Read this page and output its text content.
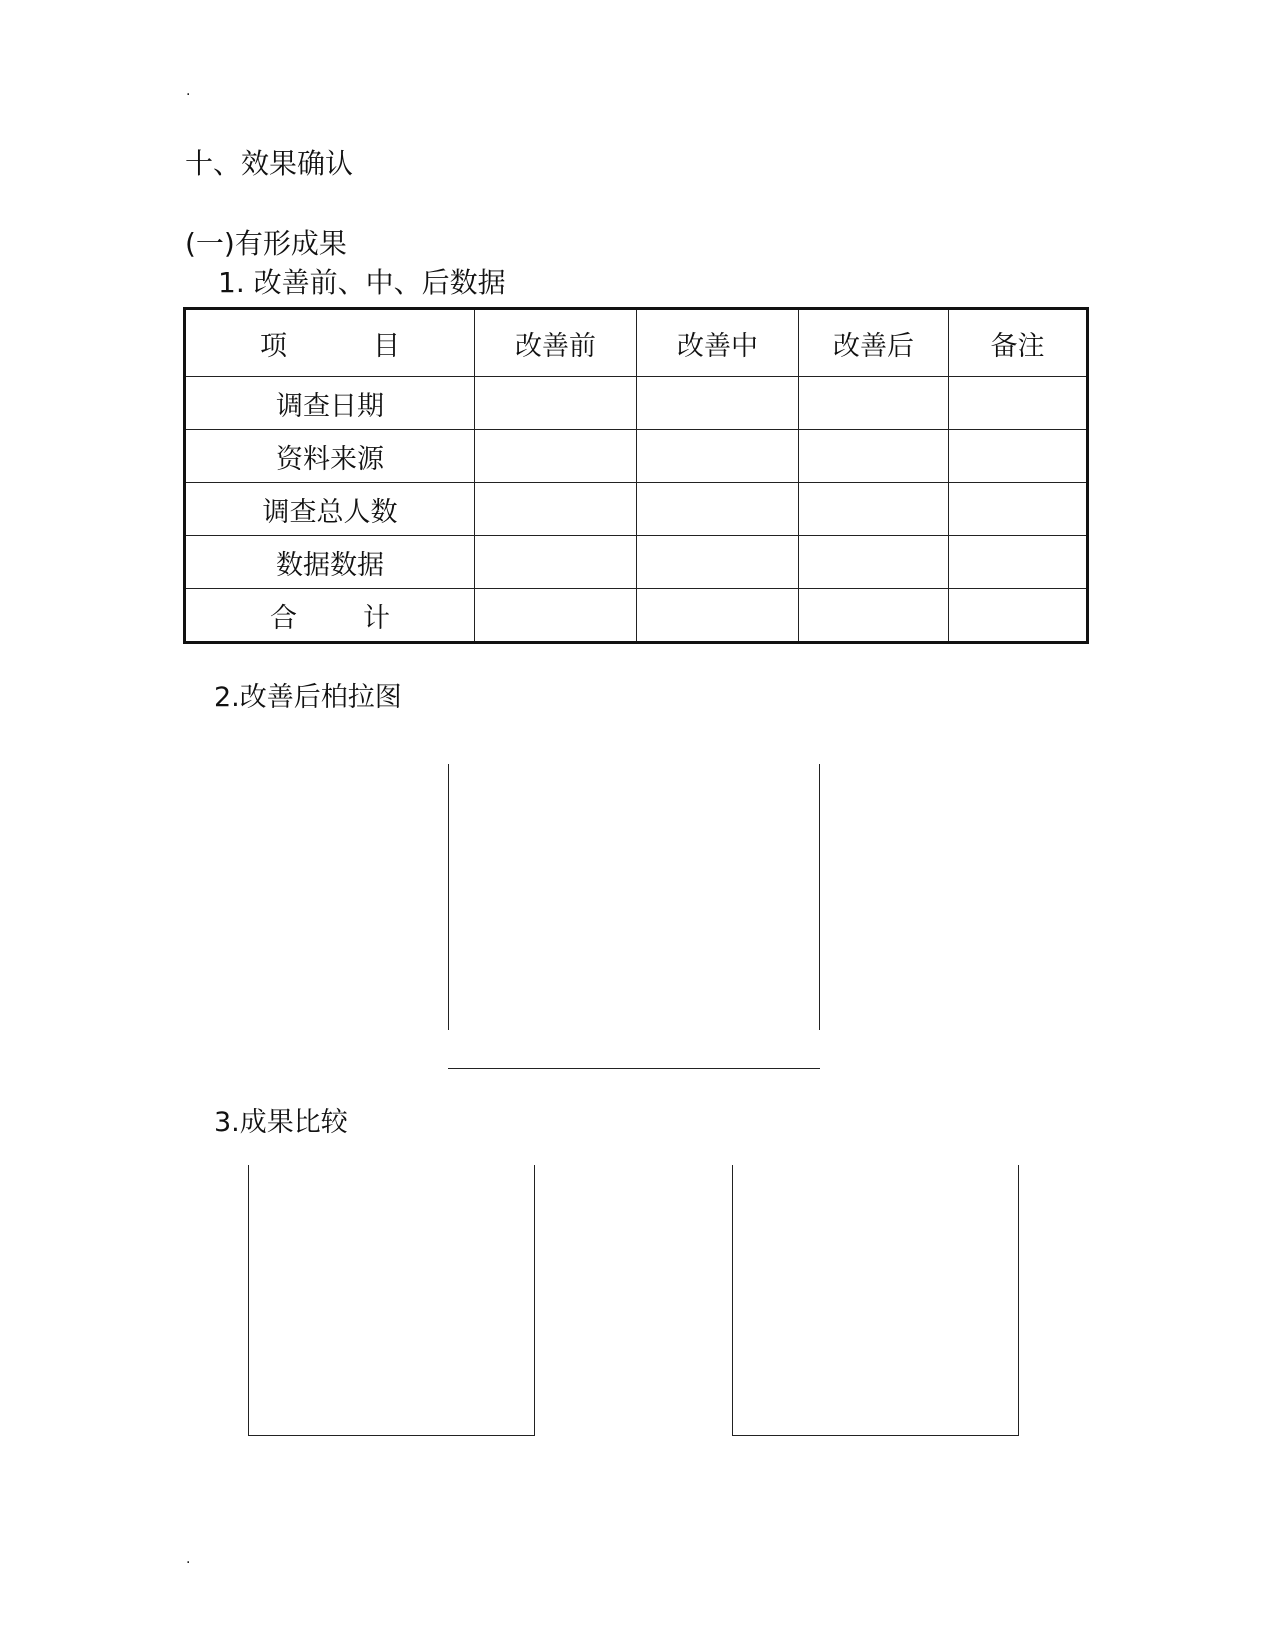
.
十、效果确认
(一)有形成果
1. 改善前、中、后数据
项 目	改善前	改善中	改善后	备注
调查日期				
资料来源				
调查总人数				
数据数据				
合 计				
2.改善后柏拉图
3.成果比较
.
